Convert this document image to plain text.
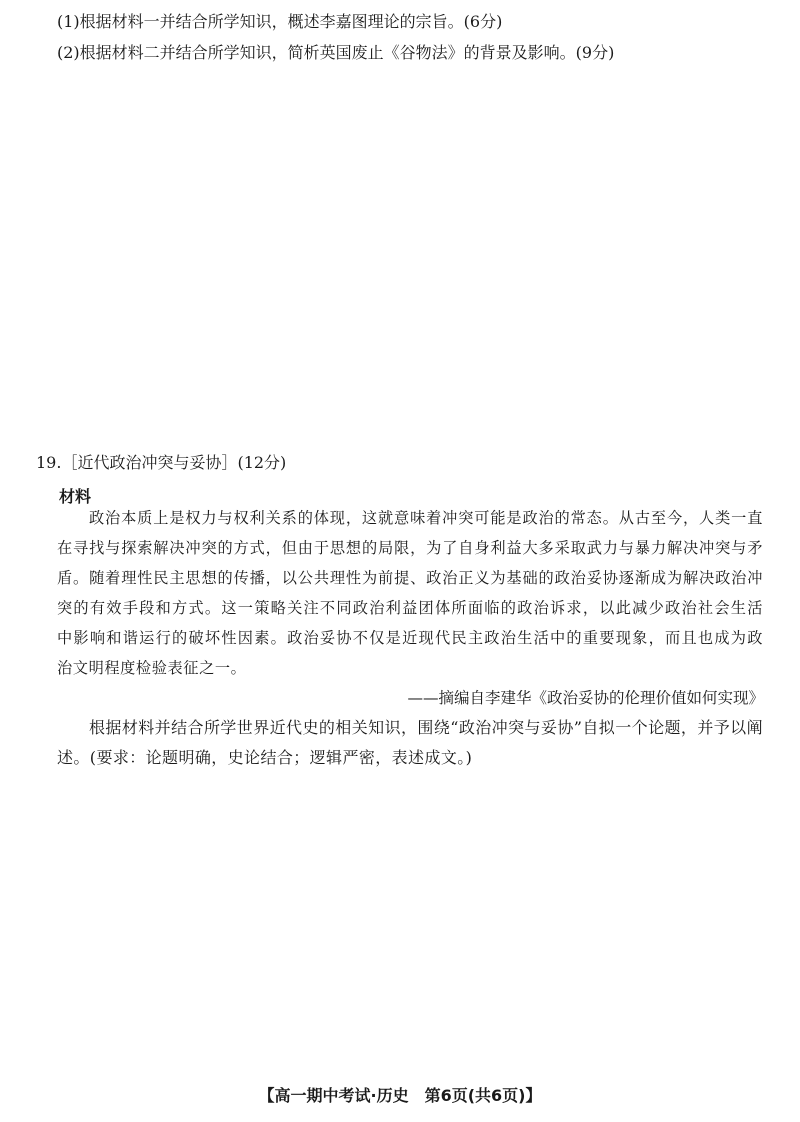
(1)根据材料一并结合所学知识，概述李嘉图理论的宗旨。(6分)
(2)根据材料二并结合所学知识，简析英国废止《谷物法》的背景及影响。(9分)
19.［近代政治冲突与妥协］(12分)
材料
政治本质上是权力与权利关系的体现，这就意味着冲突可能是政治的常态。从古至今，人类一直
在寻找与探索解决冲突的方式，但由于思想的局限，为了自身利益大多采取武力与暴力解决冲突与矛
盾。随着理性民主思想的传播，以公共理性为前提、政治正义为基础的政治妥协逐渐成为解决政治冲
突的有效手段和方式。这一策略关注不同政治利益团体所面临的政治诉求，以此减少政治社会生活
中影响和谐运行的破坏性因素。政治妥协不仅是近现代民主政治生活中的重要现象，而且也成为政
治文明程度检验表征之一。
——摘编自李建华《政治妥协的伦理价值如何实现》
根据材料并结合所学世界近代史的相关知识，围绕“政治冲突与妥协”自拟一个论题，并予以阐
述。(要求：论题明确，史论结合；逻辑严密，表述成文。)
【高一期中考试·历史　第6页(共6页)】
